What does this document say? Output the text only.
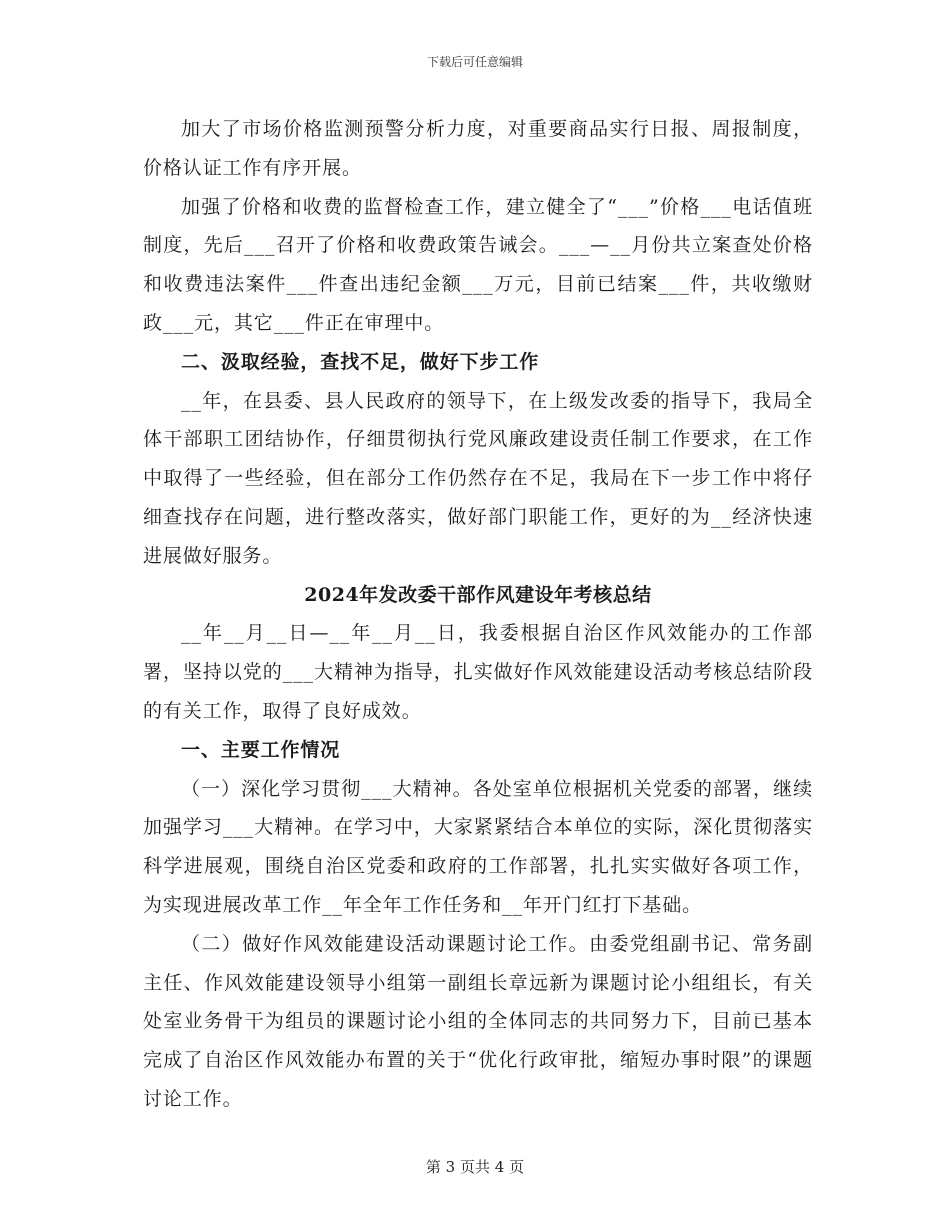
下载后可任意编辑

加大了市场价格监测预警分析力度，对重要商品实行日报、周报制度，价格认证工作有序开展。

加强了价格和收费的监督检查工作，建立健全了“___”价格___电话值班制度，先后___召开了价格和收费政策告诫会。___—__月份共立案查处价格和收费违法案件___件查出违纪金额___万元，目前已结案___件，共收缴财政___元，其它___件正在审理中。

二、汲取经验，查找不足，做好下步工作

__年，在县委、县人民政府的领导下，在上级发改委的指导下，我局全体干部职工团结协作，仔细贯彻执行党风廉政建设责任制工作要求，在工作中取得了一些经验，但在部分工作仍然存在不足，我局在下一步工作中将仔细查找存在问题，进行整改落实，做好部门职能工作，更好的为__经济快速进展做好服务。

2024年发改委干部作风建设年考核总结

__年__月__日—__年__月__日，我委根据自治区作风效能办的工作部署，坚持以党的___大精神为指导，扎实做好作风效能建设活动考核总结阶段的有关工作，取得了良好成效。

一、主要工作情况

（一）深化学习贯彻___大精神。各处室单位根据机关党委的部署，继续加强学习___大精神。在学习中，大家紧紧结合本单位的实际，深化贯彻落实科学进展观，围绕自治区党委和政府的工作部署，扎扎实实做好各项工作，为实现进展改革工作__年全年工作任务和__年开门红打下基础。

（二）做好作风效能建设活动课题讨论工作。由委党组副书记、常务副主任、作风效能建设领导小组第一副组长章远新为课题讨论小组组长，有关处室业务骨干为组员的课题讨论小组的全体同志的共同努力下，目前已基本完成了自治区作风效能办布置的关于“优化行政审批，缩短办事时限”的课题讨论工作。

第 3 页共 4 页
